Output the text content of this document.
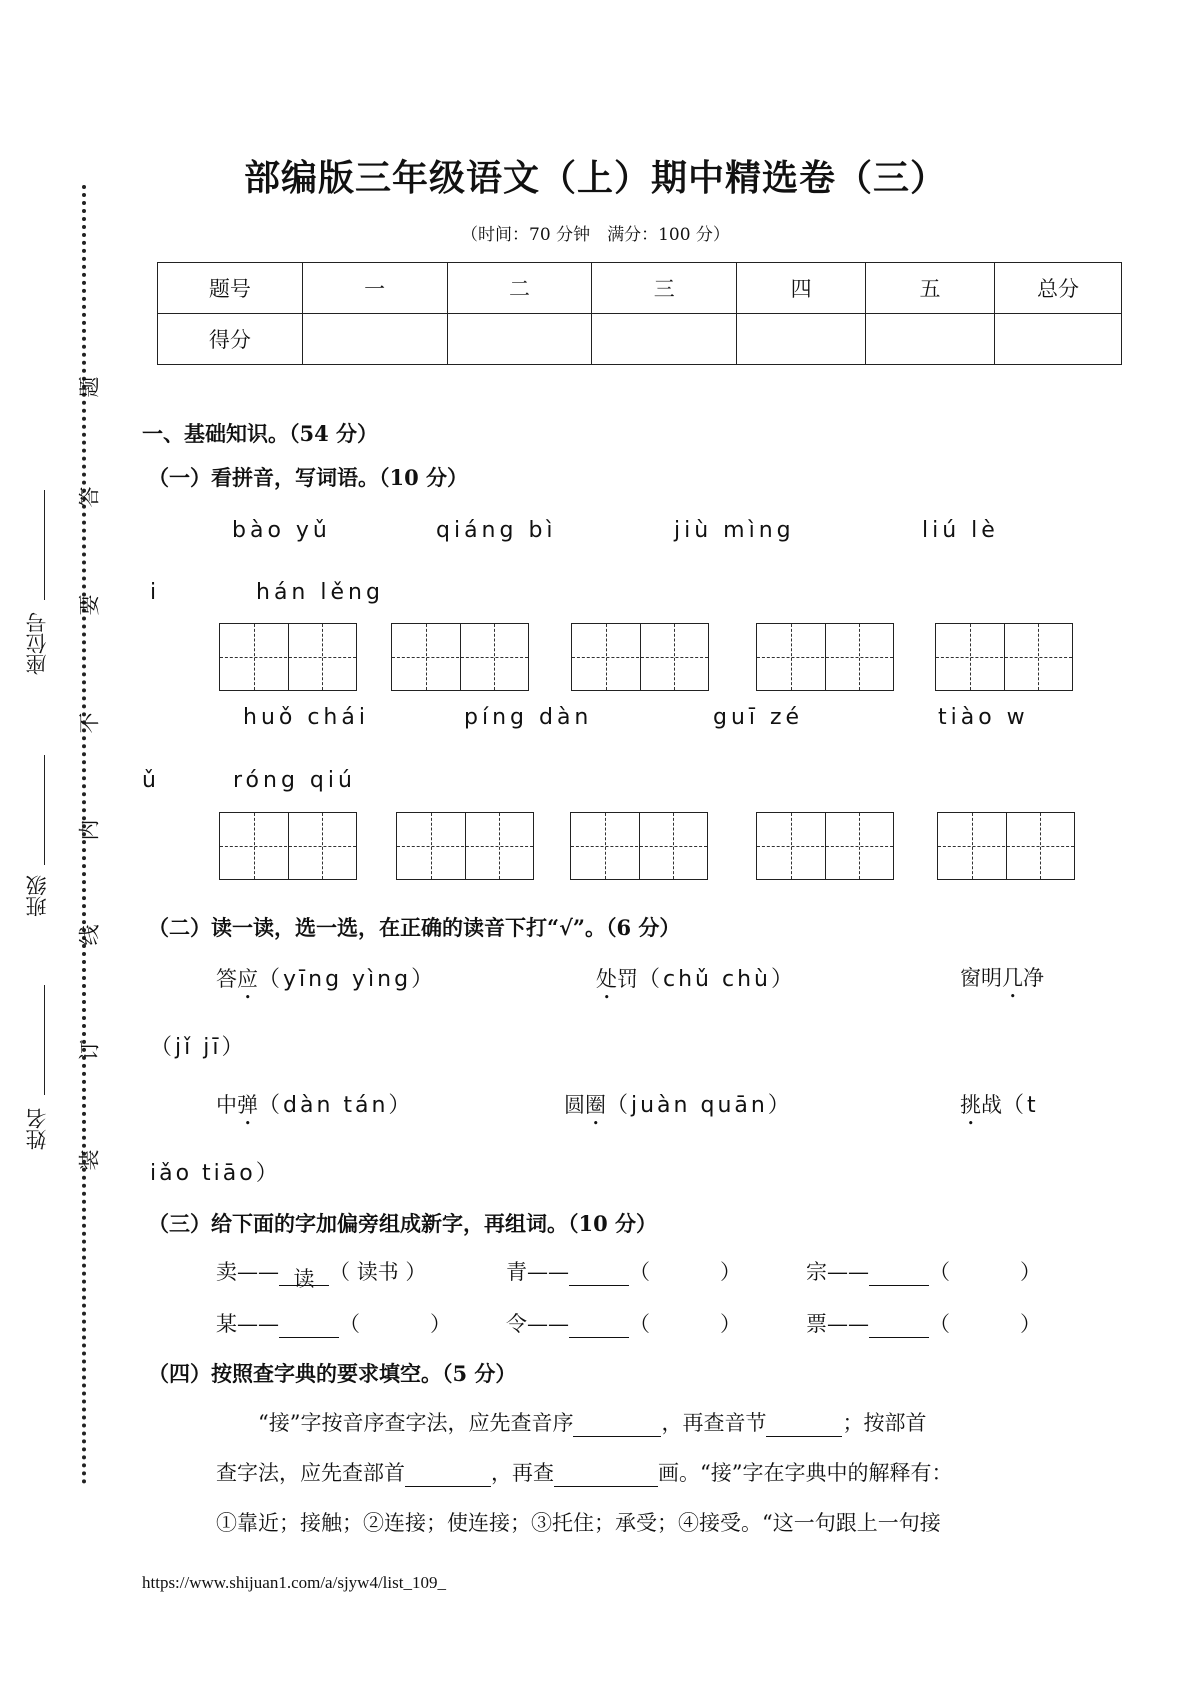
题
答
要
不
内
线
订
装
座位号
班级
姓名
部编版三年级语文（上）期中精选卷（三）
（时间：70 分钟　满分：100 分）
题号	一	二	三	四	五	总分
得分						
一、基础知识。（54 分）
（一）看拼音，写词语。（10 分）
bào yǔ	qiáng bì	jiù mìng	liú lè
i	hán lěng
huǒ chái	píng dàn	guī zé	tiào w
ǔ	róng qiú
（二）读一读，选一选，在正确的读音下打“√”。（6 分）
答应（yīng yìng）	处罚（chǔ chù）	窗明几净
（jǐ jī）
中弹（dàn tán）	圆圈（juàn quān）	挑战（t
iǎo tiāo）
（三）给下面的字加偏旁组成新字，再组词。（10 分）
卖—— 读 （ 读书 ）	青——	（	）	宗——	（	）
某——	（	）	令——	（	）	票——	（	）
（四）按照查字典的要求填空。（5 分）
“接”字按音序查字法，应先查音序	，再查音节	；按部首
查字法，应先查部首	，再查	画。“接”字在字典中的解释有：
①靠近；接触；②连接；使连接；③托住；承受；④接受。“这一句跟上一句接
https://www.shijuan1.com/a/sjyw4/list_109_
